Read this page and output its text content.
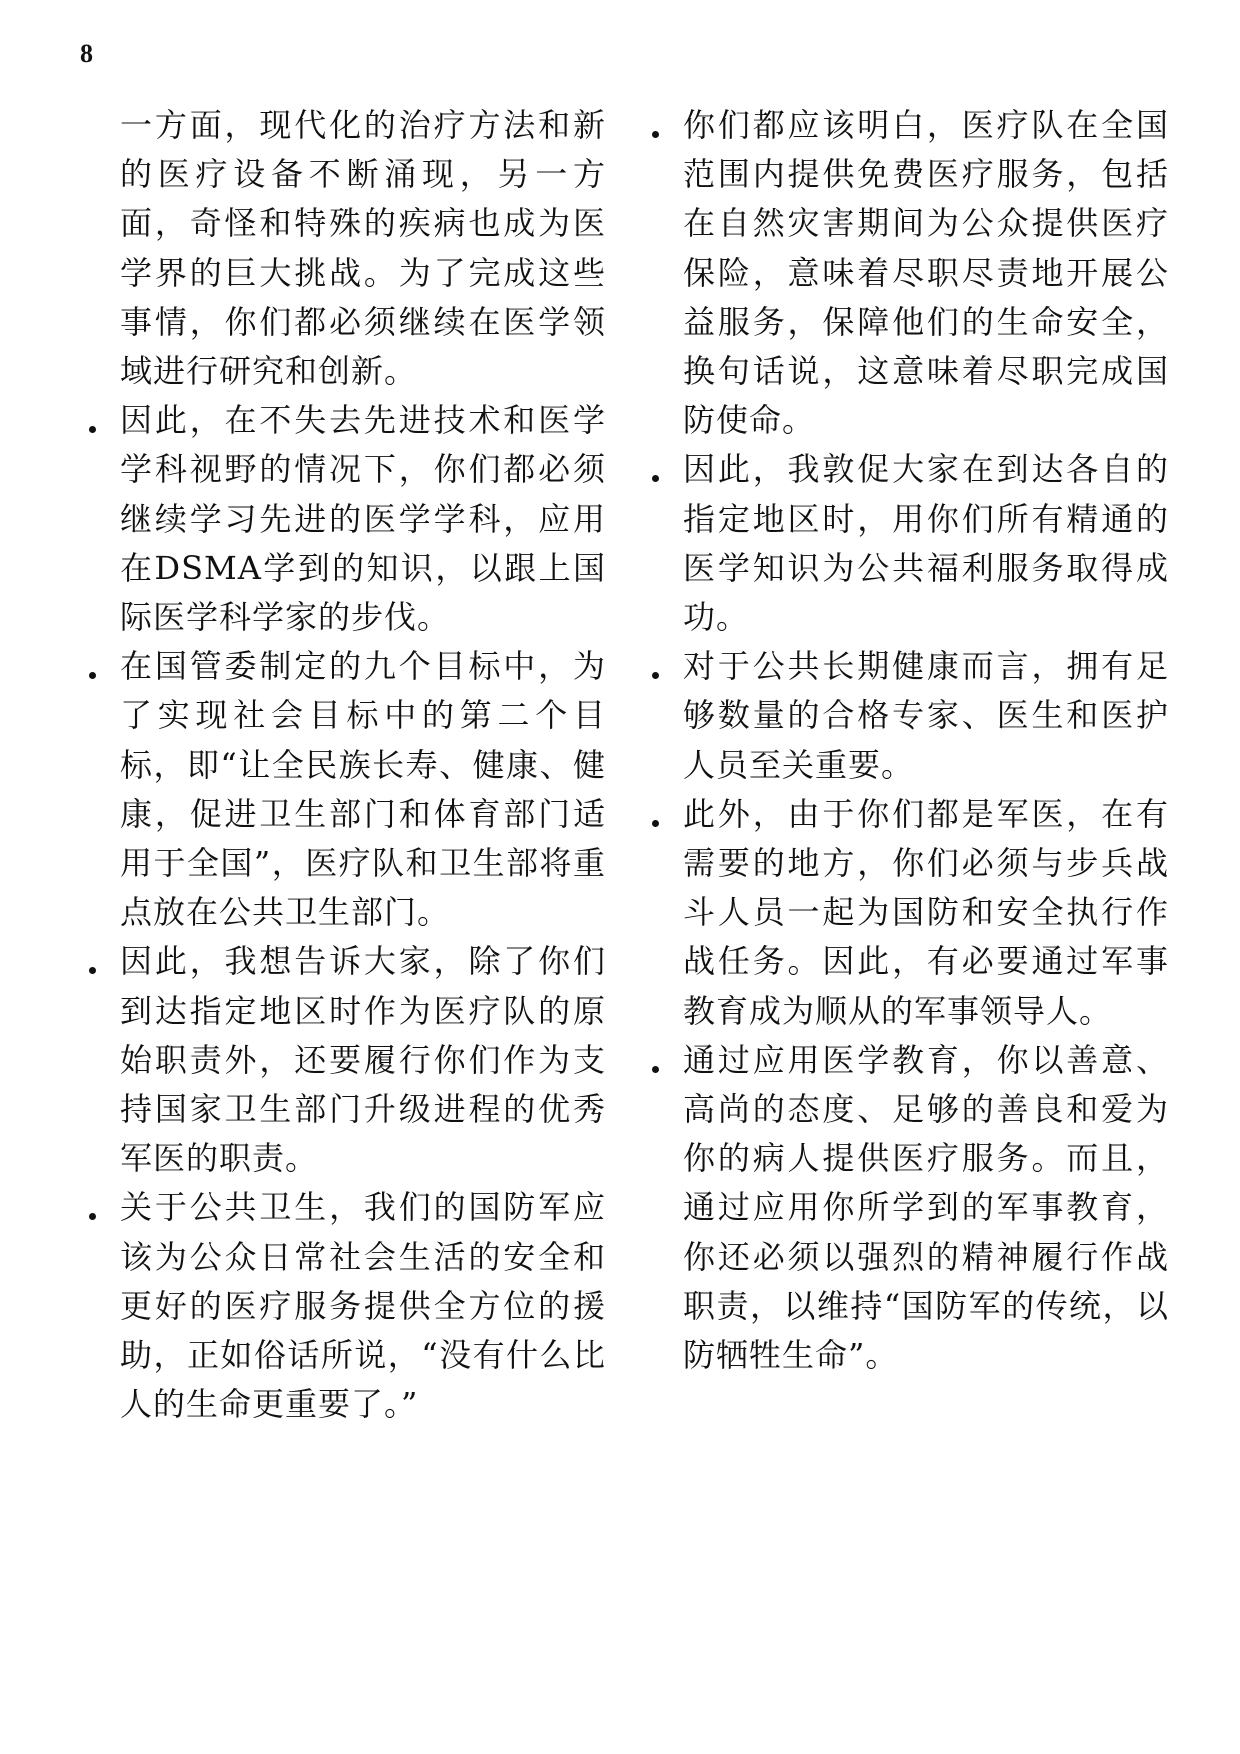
8
一方面，现代化的治疗方法和新的医疗设备不断涌现，另一方面，奇怪和特殊的疾病也成为医学界的巨大挑战。为了完成这些事情，你们都必须继续在医学领域进行研究和创新。
因此，在不失去先进技术和医学学科视野的情况下，你们都必须继续学习先进的医学学科，应用在DSMA学到的知识，以跟上国际医学科学家的步伐。
在国管委制定的九个目标中，为了实现社会目标中的第二个目标，即“让全民族长寿、健康、健康，促进卫生部门和体育部门适用于全国”，医疗队和卫生部将重点放在公共卫生部门。
因此，我想告诉大家，除了你们到达指定地区时作为医疗队的原始职责外，还要履行你们作为支持国家卫生部门升级进程的优秀军医的职责。
关于公共卫生，我们的国防军应该为公众日常社会生活的安全和更好的医疗服务提供全方位的援助，正如俗话所说，“没有什么比人的生命更重要了。”
你们都应该明白，医疗队在全国范围内提供免费医疗服务，包括在自然灾害期间为公众提供医疗保险，意味着尽职尽责地开展公益服务，保障他们的生命安全，换句话说，这意味着尽职完成国防使命。
因此，我敦促大家在到达各自的指定地区时，用你们所有精通的医学知识为公共福利服务取得成功。
对于公共长期健康而言，拥有足够数量的合格专家、医生和医护人员至关重要。
此外，由于你们都是军医，在有需要的地方，你们必须与步兵战斗人员一起为国防和安全执行作战任务。因此，有必要通过军事教育成为顺从的军事领导人。
通过应用医学教育，你以善意、高尚的态度、足够的善良和爱为你的病人提供医疗服务。而且，通过应用你所学到的军事教育，你还必须以强烈的精神履行作战职责，以维持“国防军的传统，以防牺牲生命”。
